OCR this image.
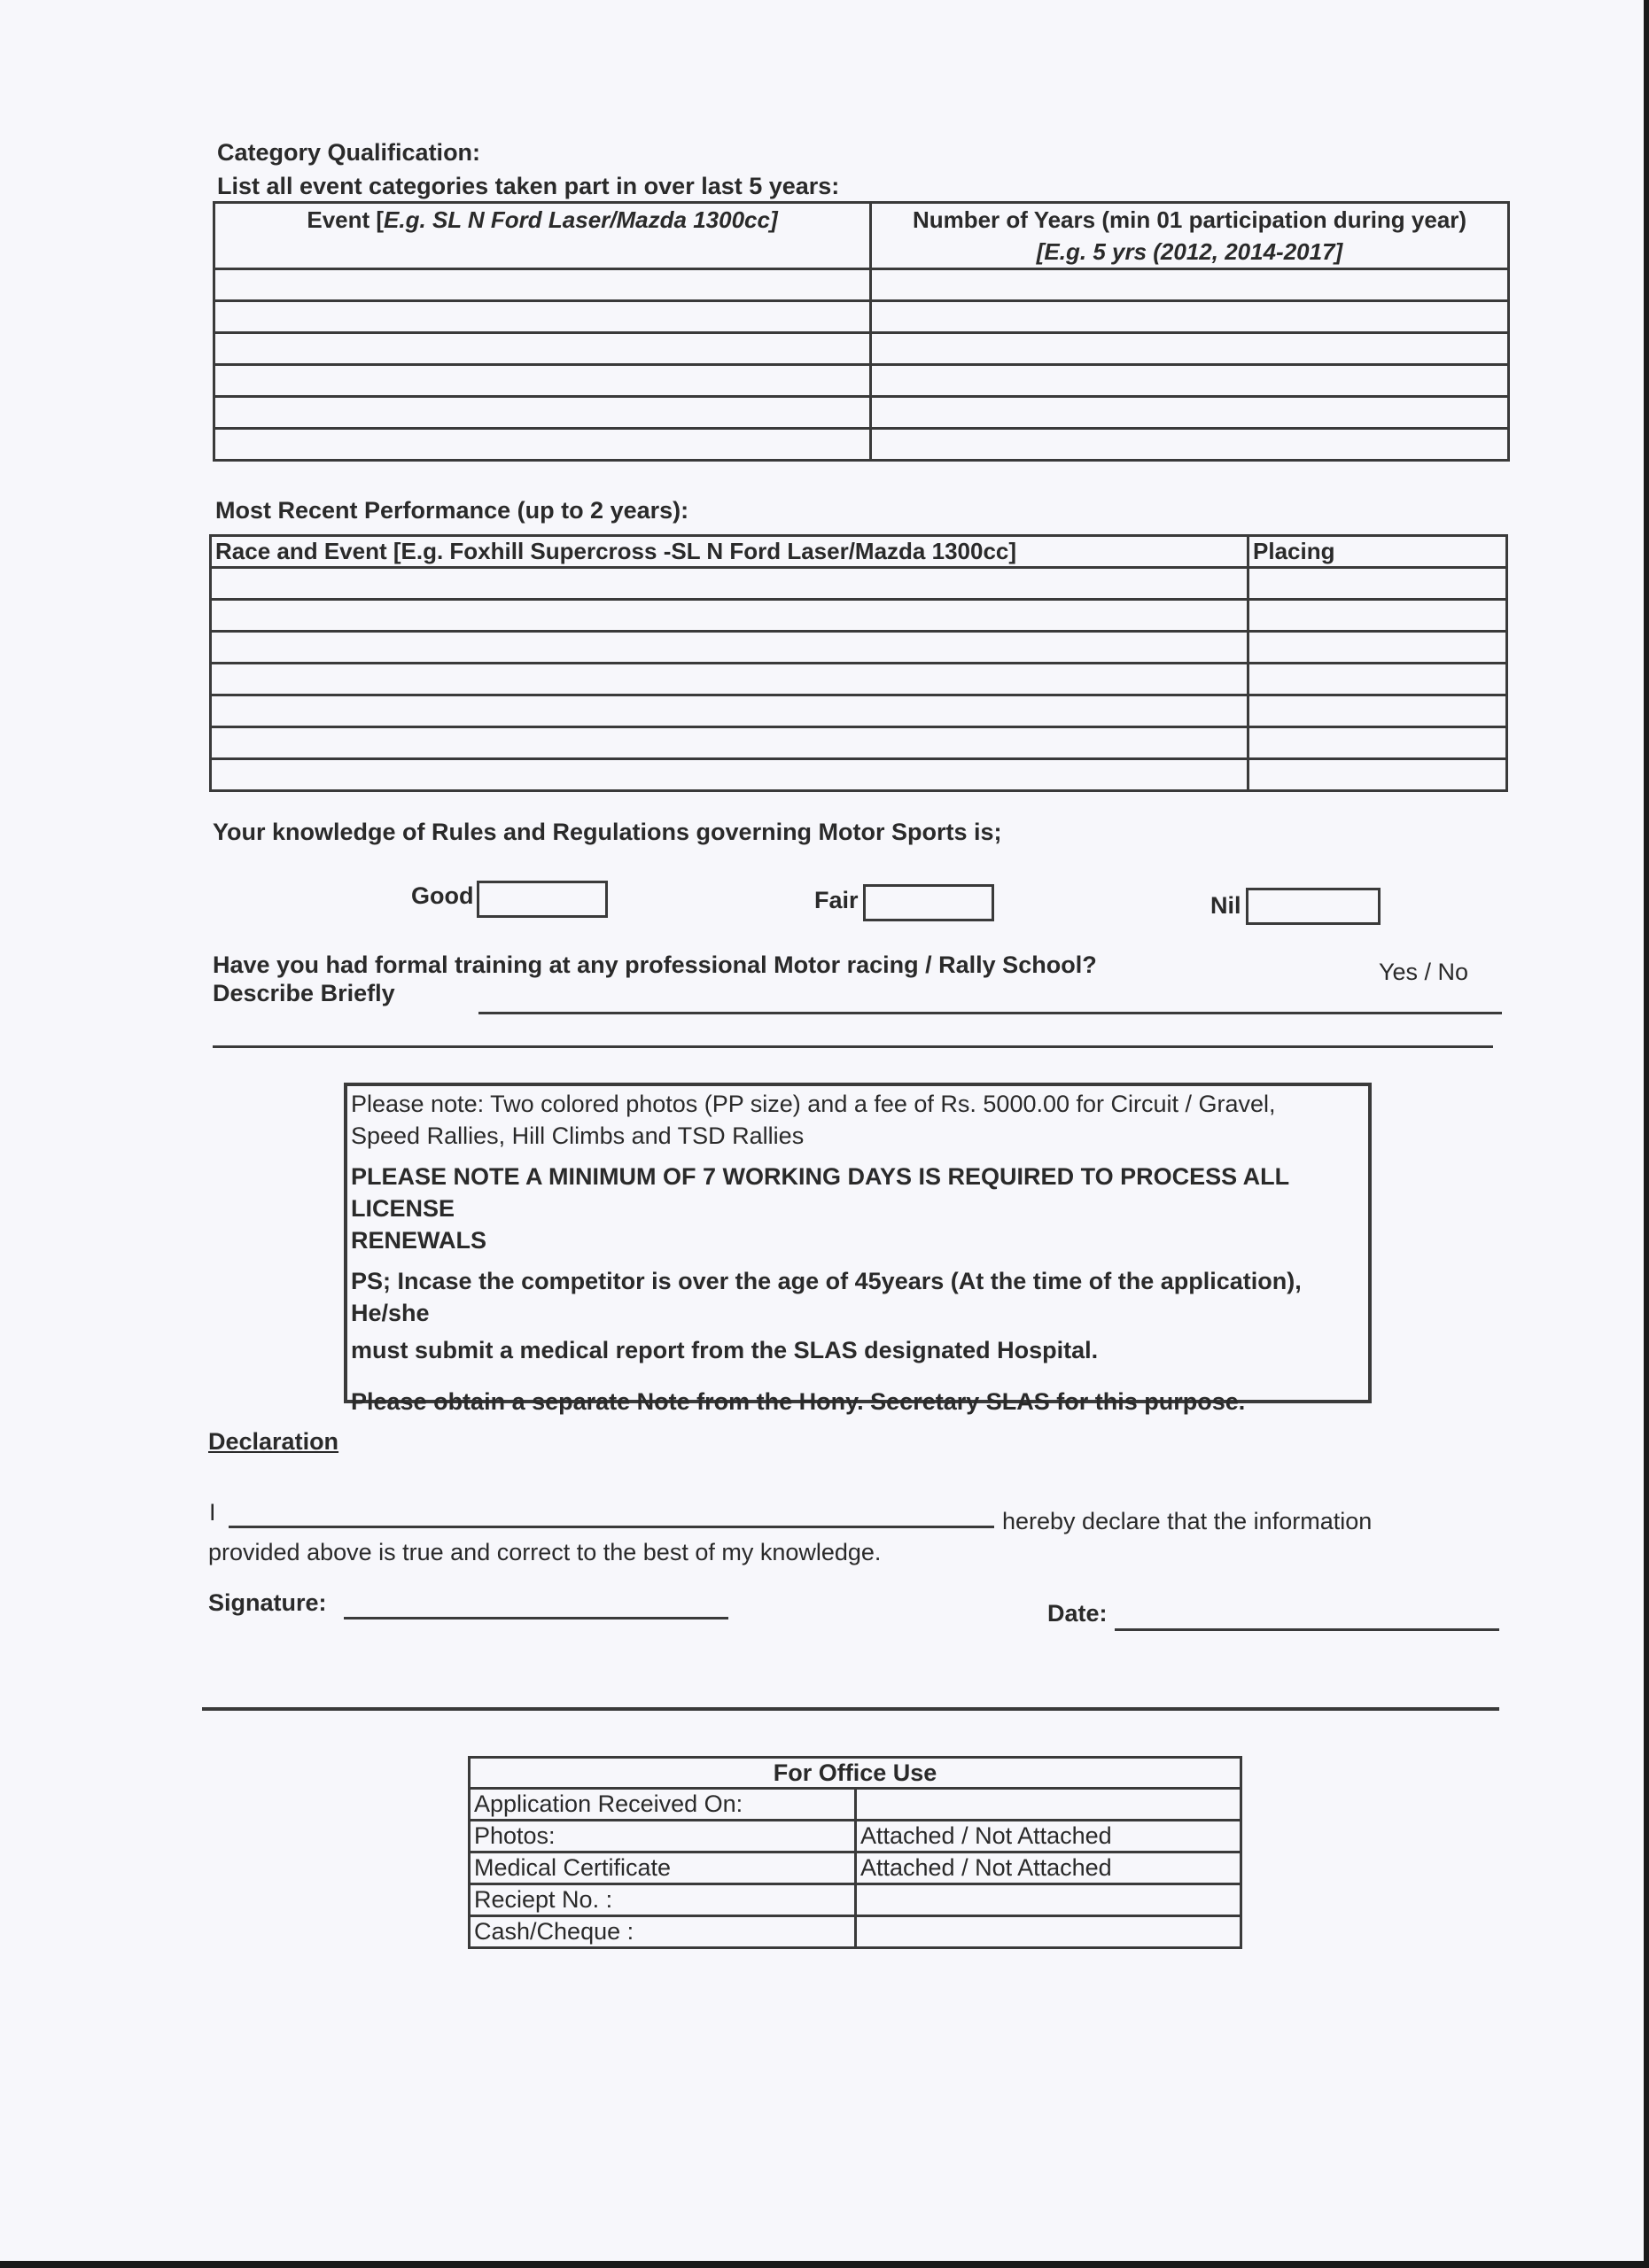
Category Qualification:
List all event categories taken part in over last 5 years:
Event [E.g. SL N Ford Laser/Mazda 1300cc]	Number of Years (min 01 participation during year)
[E.g. 5 yrs (2012, 2014-2017]

Most Recent Performance (up to 2 years):
Race and Event [E.g. Foxhill Supercross -SL N Ford Laser/Mazda 1300cc]	Placing

Your knowledge of Rules and Regulations governing Motor Sports is;
Good	Fair	Nil
Have you had formal training at any professional Motor racing / Rally School?	Yes / No
Describe Briefly

Please note: Two colored photos (PP size) and a fee of Rs. 5000.00 for Circuit / Gravel,

Speed Rallies, Hill Climbs and TSD Rallies

PLEASE NOTE A MINIMUM OF 7 WORKING DAYS IS REQUIRED TO PROCESS ALL LICENSE

RENEWALS

PS; Incase the competitor is over the age of 45years (At the time of the application),

He/she

must submit a medical report from the SLAS designated Hospital.

Please obtain a separate Note from the Hony. Secretary SLAS for this purpose.

Declaration
I	hereby declare that the information
provided above is true and correct to the best of my knowledge.
Signature:	Date:
For Office Use	
Application Received On:	
Photos:	Attached / Not Attached
Medical Certificate	Attached / Not Attached
Reciept No. :	
Cash/Cheque :	
